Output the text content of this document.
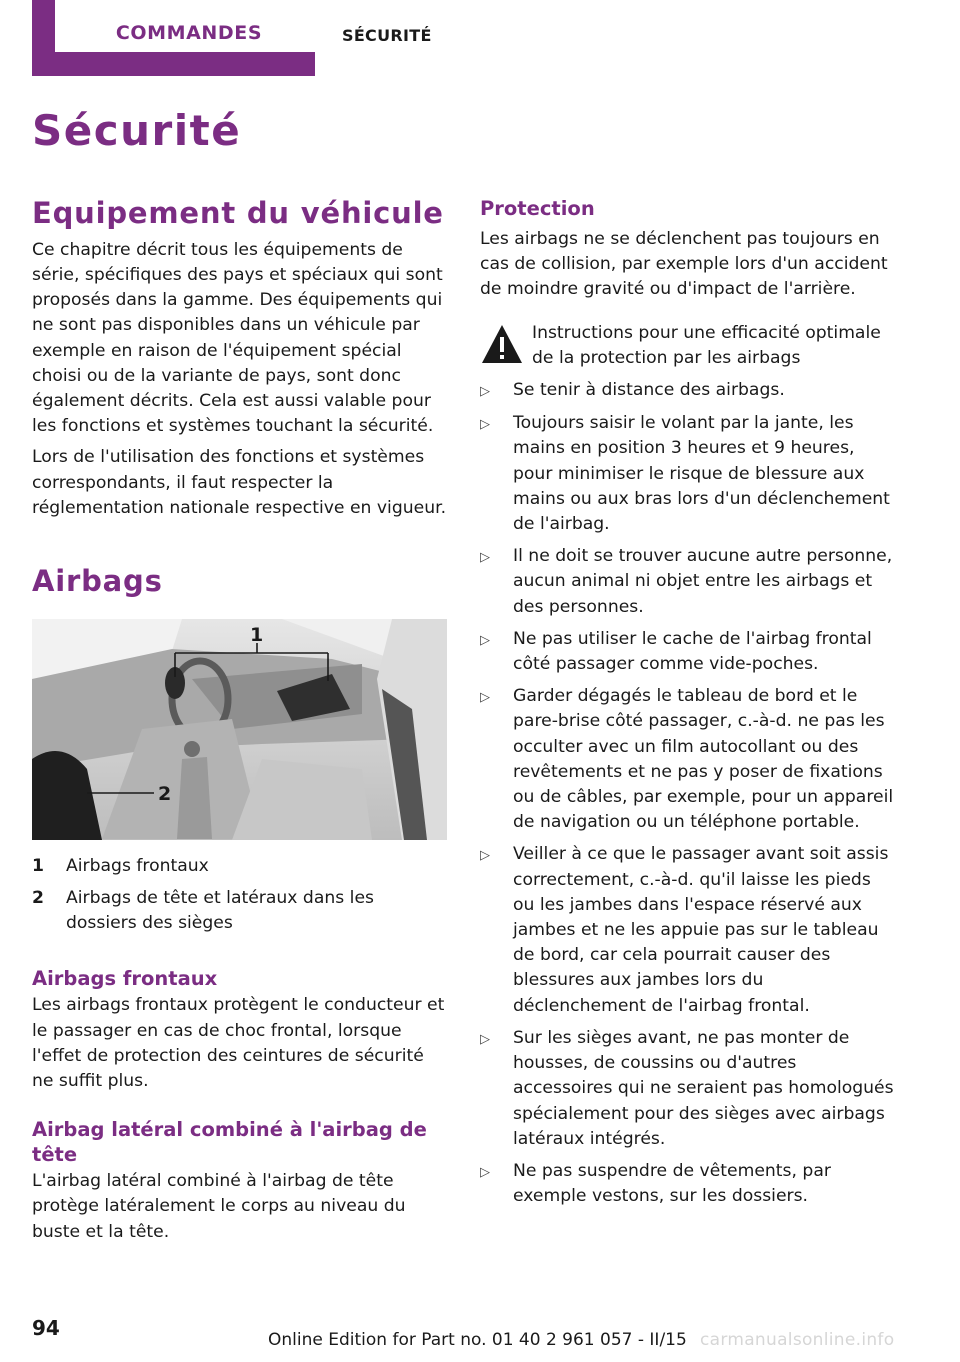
COMMANDES	SÉCURITÉ
Sécurité
Equipement du véhicule

Ce chapitre décrit tous les équipements de série, spécifiques des pays et spéciaux qui sont proposés dans la gamme. Des équipements qui ne sont pas disponibles dans un véhicule par exemple en raison de l'équipement spécial choisi ou de la variante de pays, sont donc également décrits. Cela est aussi valable pour les fonctions et systèmes touchant la sécurité.

Lors de l'utilisation des fonctions et systèmes correspondants, il faut respecter la réglementation nationale respective en vigueur.

Airbags
1
2
1	Airbags frontaux
2	Airbags de tête et latéraux dans les dossiers des sièges
Airbags frontaux

Les airbags frontaux protègent le conducteur et le passager en cas de choc frontal, lorsque l'effet de protection des ceintures de sécurité ne suffit plus.

Airbag latéral combiné à l'airbag de tête

L'airbag latéral combiné à l'airbag de tête protège latéralement le corps au niveau du buste et la tête.

Protection

Les airbags ne se déclenchent pas toujours en cas de collision, par exemple lors d'un accident de moindre gravité ou d'impact de l'arrière.

Instructions pour une efficacité optimale de la protection par les airbags
▷	Se tenir à distance des airbags.
▷	Toujours saisir le volant par la jante, les mains en position 3 heures et 9 heures, pour minimiser le risque de blessure aux mains ou aux bras lors d'un déclenchement de l'airbag.
▷	Il ne doit se trouver aucune autre personne, aucun animal ni objet entre les airbags et des personnes.
▷	Ne pas utiliser le cache de l'airbag frontal côté passager comme vide-poches.
▷	Garder dégagés le tableau de bord et le pare-brise côté passager, c.-à-d. ne pas les occulter avec un film autocollant ou des revêtements et ne pas y poser de fixations ou de câbles, par exemple, pour un appareil de navigation ou un téléphone portable.
▷	Veiller à ce que le passager avant soit assis correctement, c.-à-d. qu'il laisse les pieds ou les jambes dans l'espace réservé aux jambes et ne les appuie pas sur le tableau de bord, car cela pourrait causer des blessures aux jambes lors du déclenchement de l'airbag frontal.
▷	Sur les sièges avant, ne pas monter de housses, de coussins ou d'autres accessoires qui ne seraient pas homologués spécialement pour des sièges avec airbags latéraux intégrés.
▷	Ne pas suspendre de vêtements, par exemple vestons, sur les dossiers.
94	Online Edition for Part no. 01 40 2 961 057 - II/15 carmanualsonline.info
